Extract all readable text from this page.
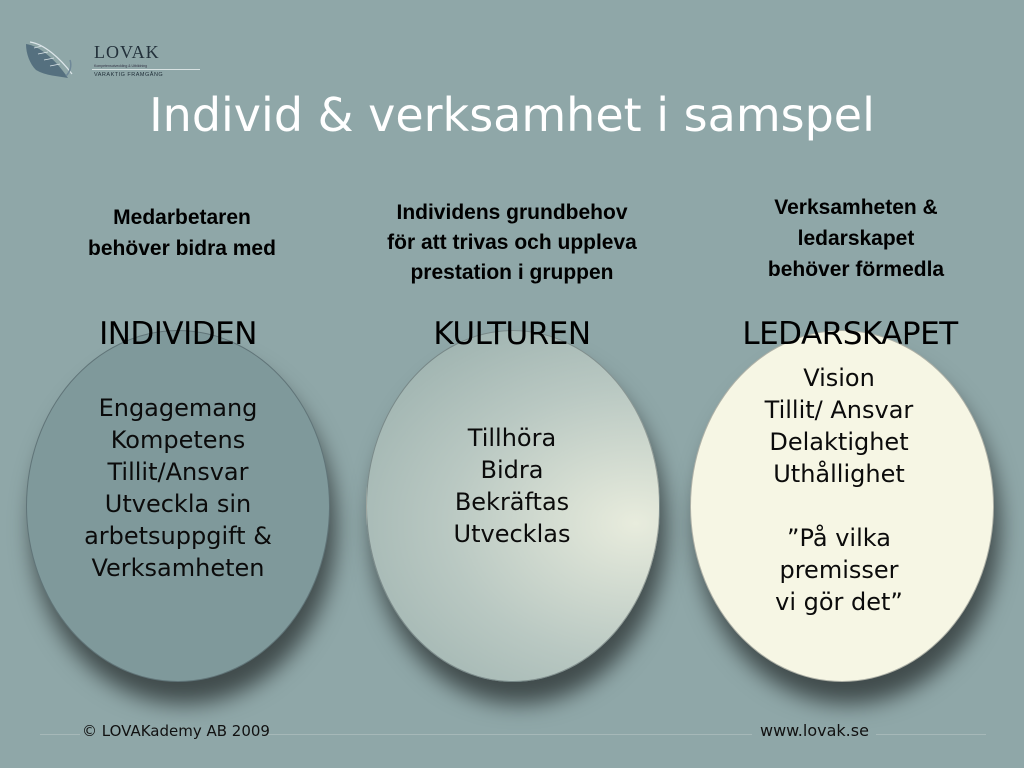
LOVAK
Kompetensutveckling & Utbildning
VARAKTIG FRAMGÅNG
Individ & verksamhet i samspel
Medarbetaren
behöver bidra med
Individens grundbehov
för att trivas och uppleva
prestation i gruppen
Verksamheten &
ledarskapet
behöver förmedla
INDIVIDEN	KULTUREN	LEDARSKAPET
Engagemang
Kompetens
Tillit/Ansvar
Utveckla sin
arbetsuppgift &
Verksamheten
Tillhöra
Bidra
Bekräftas
Utvecklas
Vision
Tillit/ Ansvar
Delaktighet
Uthållighet
”På vilka
premisser
vi gör det”
© LOVAKademy AB 2009	www.lovak.se
